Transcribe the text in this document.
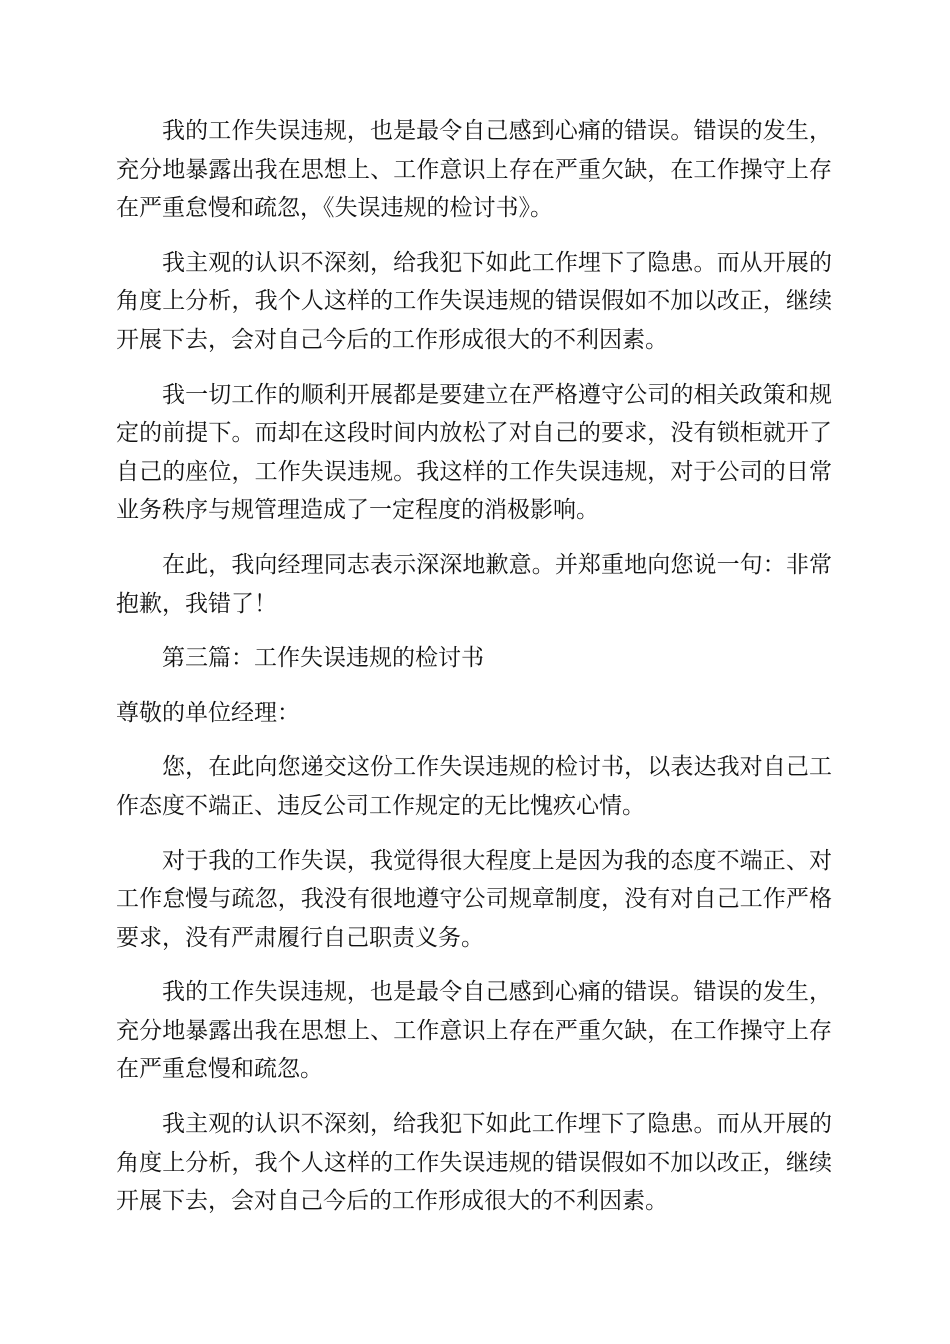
我的工作失误违规，也是最令自己感到心痛的错误。错误的发生，充分地暴露出我在思想上、工作意识上存在严重欠缺，在工作操守上存在严重怠慢和疏忽，《失误违规的检讨书》。

我主观的认识不深刻，给我犯下如此工作埋下了隐患。而从开展的角度上分析，我个人这样的工作失误违规的错误假如不加以改正，继续开展下去，会对自己今后的工作形成很大的不利因素。

我一切工作的顺利开展都是要建立在严格遵守公司的相关政策和规定的前提下。而却在这段时间内放松了对自己的要求，没有锁柜就开了自己的座位，工作失误违规。我这样的工作失误违规，对于公司的日常业务秩序与规管理造成了一定程度的消极影响。

在此，我向经理同志表示深深地歉意。并郑重地向您说一句：非常抱歉，我错了！

第三篇：工作失误违规的检讨书

尊敬的单位经理：

您，在此向您递交这份工作失误违规的检讨书，以表达我对自己工作态度不端正、违反公司工作规定的无比愧疚心情。

对于我的工作失误，我觉得很大程度上是因为我的态度不端正、对工作怠慢与疏忽，我没有很地遵守公司规章制度，没有对自己工作严格要求，没有严肃履行自己职责义务。

我的工作失误违规，也是最令自己感到心痛的错误。错误的发生，充分地暴露出我在思想上、工作意识上存在严重欠缺，在工作操守上存在严重怠慢和疏忽。

我主观的认识不深刻，给我犯下如此工作埋下了隐患。而从开展的角度上分析，我个人这样的工作失误违规的错误假如不加以改正，继续开展下去，会对自己今后的工作形成很大的不利因素。
